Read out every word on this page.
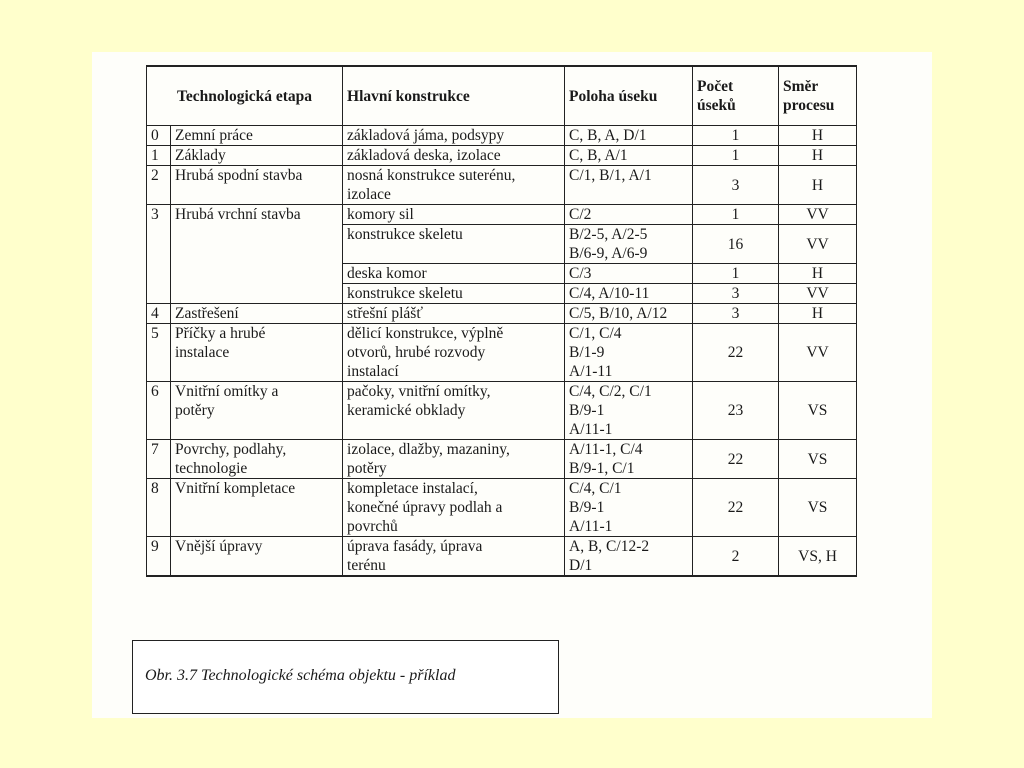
Technologická etapa		Hlavní konstrukce	Poloha úseku	Počet
úseků	Směr
procesu

0	Zemní práce	základová jáma, podsypy	C, B, A, D/1	1	H
1	Základy	základová deska, izolace	C, B, A/1	1	H
2	Hrubá spodní stavba	nosná konstrukce suterénu,
izolace	C/1, B/1, A/1	3	H
3	Hrubá vrchní stavba	komory sil	C/2	1	VV

		konstrukce skeletu	B/2-5, A/2-5
B/6-9, A/6-9	16	VV

		deska komor	C/3	1	H

		konstrukce skeletu	C/4, A/10-11	3	VV
4	Zastřešení	střešní plášť	C/5, B/10, A/12	3	H
5	Příčky a hrubé
instalace	dělicí konstrukce, výplně
otvorů, hrubé rozvody
instalací	C/1, C/4
B/1-9
A/1-11	22	VV
6	Vnitřní omítky a
potěry	pačoky, vnitřní omítky,
keramické obklady	C/4, C/2, C/1
B/9-1
A/11-1	23	VS
7	Povrchy, podlahy,
technologie	izolace, dlažby, mazaniny,
potěry	A/11-1, C/4
B/9-1, C/1	22	VS
8	Vnitřní kompletace	kompletace instalací,
konečné úpravy podlah a
povrchů	C/4, C/1
B/9-1
A/11-1	22	VS
9	Vnější úpravy	úprava fasády, úprava
terénu	A, B, C/12-2
D/1	2	VS, H
Obr. 3.7 Technologické schéma objektu - příklad
